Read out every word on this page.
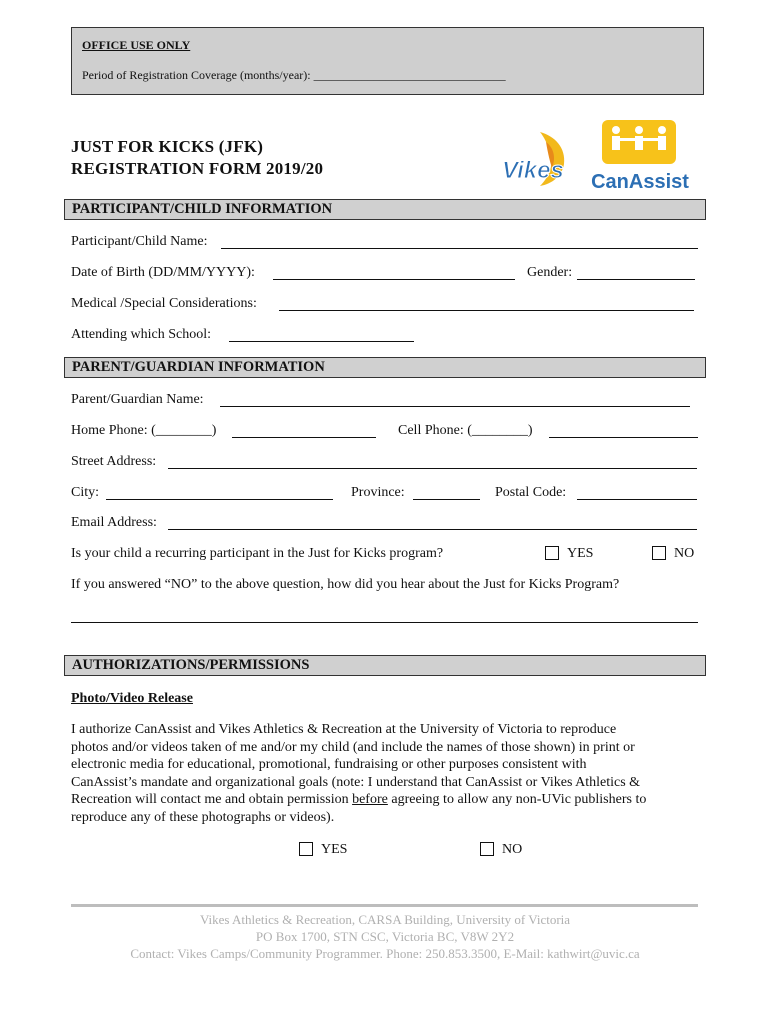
OFFICE USE ONLY
Period of Registration Coverage (months/year): ________________________________
JUST FOR KICKS (JFK)
REGISTRATION FORM 2019/20	Vikes CanAssist
PARTICIPANT/CHILD INFORMATION
Participant/Child Name:
Date of Birth (DD/MM/YYYY):	Gender:
Medical /Special Considerations:
Attending which School:
PARENT/GUARDIAN INFORMATION
Parent/Guardian Name:
Home Phone: (________)	Cell Phone: (________)
Street Address:
City:	Province:	Postal Code:
Email Address:
Is your child a recurring participant in the Just for Kicks program?	YES	NO
If you answered “NO” to the above question, how did you hear about the Just for Kicks Program?
AUTHORIZATIONS/PERMISSIONS
Photo/Video Release
I authorize CanAssist and Vikes Athletics & Recreation at the University of Victoria to reproduce
photos and/or videos taken of me and/or my child (and include the names of those shown) in print or
electronic media for educational, promotional, fundraising or other purposes consistent with
CanAssist’s mandate and organizational goals (note: I understand that CanAssist or Vikes Athletics &
Recreation will contact me and obtain permission before agreeing to allow any non-UVic publishers to
reproduce any of these photographs or videos).
YES	NO
Vikes Athletics & Recreation, CARSA Building, University of Victoria
PO Box 1700, STN CSC, Victoria BC, V8W 2Y2
Contact: Vikes Camps/Community Programmer. Phone: 250.853.3500, E-Mail: kathwirt@uvic.ca
